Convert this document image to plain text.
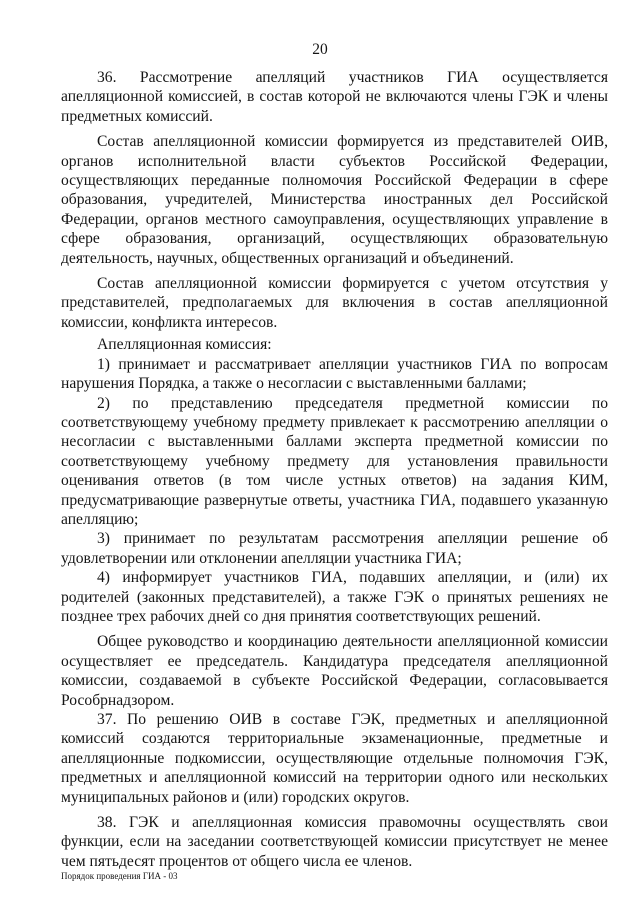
20

36. Рассмотрение апелляций участников ГИА осуществляется апелляционной комиссией, в состав которой не включаются члены ГЭК и члены предметных комиссий.

Состав апелляционной комиссии формируется из представителей ОИВ, органов исполнительной власти субъектов Российской Федерации, осуществляющих переданные полномочия Российской Федерации в сфере образования, учредителей, Министерства иностранных дел Российской Федерации, органов местного самоуправления, осуществляющих управление в сфере образования, организаций, осуществляющих образовательную деятельность, научных, общественных организаций и объединений.

Состав апелляционной комиссии формируется с учетом отсутствия у представителей, предполагаемых для включения в состав апелляционной комиссии, конфликта интересов.

Апелляционная комиссия:

1) принимает и рассматривает апелляции участников ГИА по вопросам нарушения Порядка, а также о несогласии с выставленными баллами;

2) по представлению председателя предметной комиссии по соответствующему учебному предмету привлекает к рассмотрению апелляции о несогласии с выставленными баллами эксперта предметной комиссии по соответствующему учебному предмету для установления правильности оценивания ответов (в том числе устных ответов) на задания КИМ, предусматривающие развернутые ответы, участника ГИА, подавшего указанную апелляцию;

3) принимает по результатам рассмотрения апелляции решение об удовлетворении или отклонении апелляции участника ГИА;

4) информирует участников ГИА, подавших апелляции, и (или) их родителей (законных представителей), а также ГЭК о принятых решениях не позднее трех рабочих дней со дня принятия соответствующих решений.

Общее руководство и координацию деятельности апелляционной комиссии осуществляет ее председатель. Кандидатура председателя апелляционной комиссии, создаваемой в субъекте Российской Федерации, согласовывается Рособрнадзором.

37. По решению ОИВ в составе ГЭК, предметных и апелляционной комиссий создаются территориальные экзаменационные, предметные и апелляционные подкомиссии, осуществляющие отдельные полномочия ГЭК, предметных и апелляционной комиссий на территории одного или нескольких муниципальных районов и (или) городских округов.

38. ГЭК и апелляционная комиссия правомочны осуществлять свои функции, если на заседании соответствующей комиссии присутствует не менее чем пятьдесят процентов от общего числа ее членов.

Порядок проведения ГИА - 03
